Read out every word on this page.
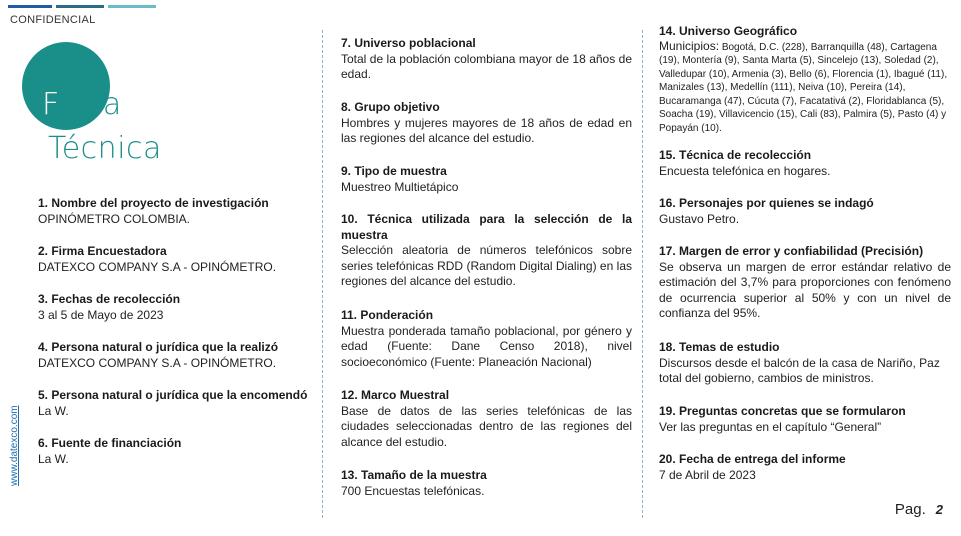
CONFIDENCIAL
Ficha
Técnica
www.datexco.com
1. Nombre del proyecto de investigación
OPINÓMETRO COLOMBIA.
2. Firma Encuestadora
DATEXCO COMPANY S.A - OPINÓMETRO.
3. Fechas de recolección
3 al 5 de Mayo de 2023
4. Persona natural o jurídica que la realizó
DATEXCO COMPANY S.A - OPINÓMETRO.
5. Persona natural o jurídica que la encomendó
La W.
6. Fuente de financiación
La W.
7. Universo poblacional
Total de la población colombiana mayor de 18 años de edad.
8. Grupo objetivo
Hombres y mujeres mayores de 18 años de edad en las regiones del alcance del estudio.
9. Tipo de muestra
Muestreo Multietápico
10. Técnica utilizada para la selección de la muestra
Selección aleatoria de números telefónicos sobre series telefónicas RDD (Random Digital Dialing) en las regiones del alcance del estudio.
11. Ponderación
Muestra ponderada tamaño poblacional, por género y edad (Fuente: Dane Censo 2018), nivel socioeconómico (Fuente: Planeación Nacional)
12. Marco Muestral
Base de datos de las series telefónicas de las ciudades seleccionadas dentro de las regiones del alcance del estudio.
13. Tamaño de la muestra
700 Encuestas telefónicas.
14. Universo Geográfico
Municipios: Bogotá, D.C. (228), Barranquilla (48), Cartagena (19), Montería (9), Santa Marta (5), Sincelejo (13), Soledad (2), Valledupar (10), Armenia (3), Bello (6), Florencia (1), Ibagué (11), Manizales (13), Medellín (111), Neiva (10), Pereira (14), Bucaramanga (47), Cúcuta (7), Facatativá (2), Floridablanca (5), Soacha (19), Villavicencio (15), Cali (83), Palmira (5), Pasto (4) y Popayán (10).
15. Técnica de recolección
Encuesta telefónica en hogares.
16. Personajes por quienes se indagó
Gustavo Petro.
17. Margen de error y confiabilidad (Precisión)
Se observa un margen de error estándar relativo de estimación del 3,7% para proporciones con fenómeno de ocurrencia superior al 50% y con un nivel de confianza del 95%.
18. Temas de estudio
Discursos desde el balcón de la casa de Nariño, Paz total del gobierno, cambios de ministros.
19. Preguntas concretas que se formularon
Ver las preguntas en el capítulo “General”
20. Fecha de entrega del informe
7 de Abril de 2023
Pag. 2
